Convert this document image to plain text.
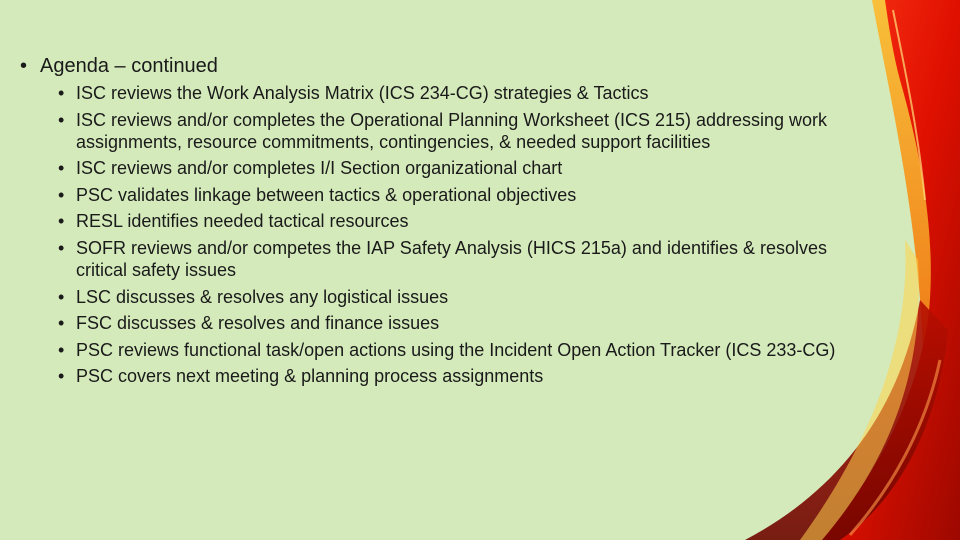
• Agenda – continued
• ISC reviews the Work Analysis Matrix (ICS 234-CG) strategies & Tactics
• ISC reviews and/or completes the Operational Planning Worksheet (ICS 215) addressing work assignments, resource commitments, contingencies, & needed support facilities
• ISC reviews and/or completes I/I Section organizational chart
• PSC validates linkage between tactics & operational objectives
• RESL identifies needed tactical resources
• SOFR reviews and/or competes the IAP Safety Analysis (HICS 215a) and identifies & resolves critical safety issues
• LSC discusses & resolves any logistical issues
• FSC discusses & resolves and finance issues
• PSC reviews functional task/open actions using the Incident Open Action Tracker (ICS 233-CG)
• PSC covers next meeting & planning process assignments
